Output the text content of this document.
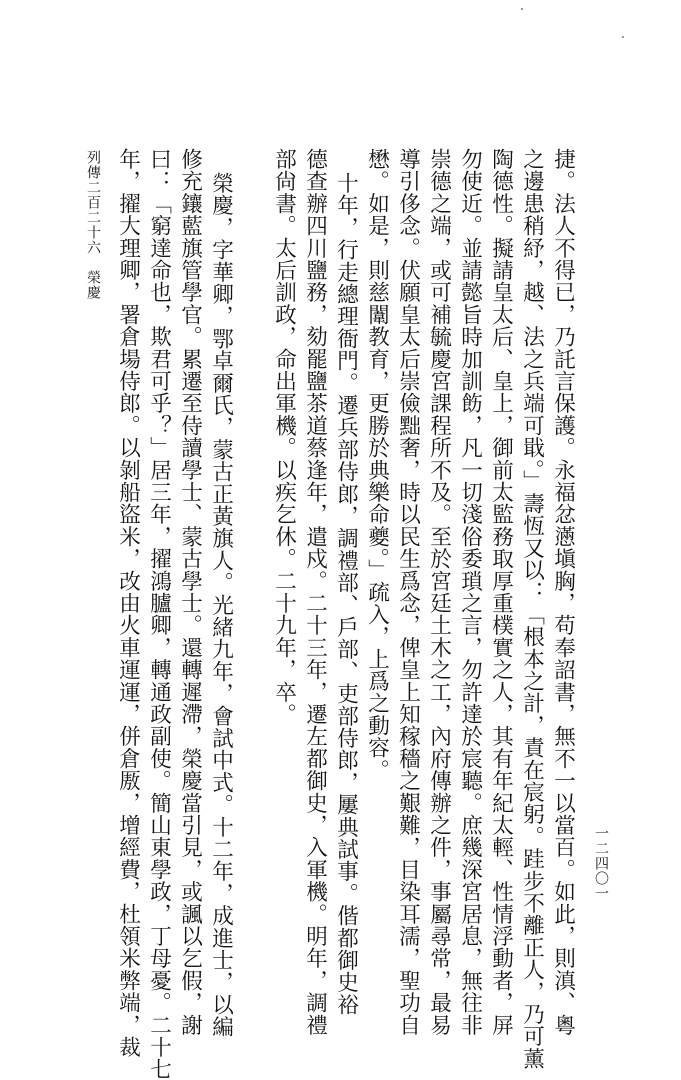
捷。法人不得已，乃託言保護。永福忿懣塡胸，苟奉詔書，無不一以當百。如此，則滇、粵
之邊患稍紓，越、法之兵端可戢。」壽恆又以：「根本之計，責在宸躬。跬步不離正人，乃可薰
陶德性。擬請皇太后、皇上，御前太監務取厚重樸實之人，其有年紀太輕、性情浮動者，屏
勿使近。並請懿旨時加訓飭，凡一切淺俗委瑣之言，勿許達於宸聽。庶幾深宮居息，無往非
崇德之端，或可補毓慶宮課程所不及。至於宮廷土木之工，內府傳辦之件，事屬尋常，最易
導引侈念。伏願皇太后崇儉黜奢，時以民生爲念，俾皇上知稼穡之艱難，目染耳濡，聖功自
懋。如是，則慈闈教育，更勝於典樂命夔。」疏入，上爲之動容。
十年，行走總理衙門。遷兵部侍郎，調禮部、戶部、吏部侍郎，屢典試事。偕都御史裕
德查辦四川鹽務，劾罷鹽茶道蔡逢年，遣戍。二十三年，遷左都御史，入軍機。明年，調禮
部尙書。太后訓政，命出軍機。以疾乞休。二十九年，卒。
榮慶，字華卿，鄂卓爾氏，蒙古正黃旗人。光緒九年，會試中式。十二年，成進士，以編
修充鑲藍旗管學官。累遷至侍讀學士、蒙古學士。還轉遲滯，榮慶當引見，或諷以乞假，謝
曰：「窮達命也，欺君可乎？」居三年，擢鴻臚卿，轉通政副使。簡山東學政，丁母憂。二十七
年，擢大理卿，署倉場侍郎。以剝船盜米，改由火車運運，併倉厫，增經費，杜領米弊端，裁
列傳二百二十六　榮慶
一二四〇一
